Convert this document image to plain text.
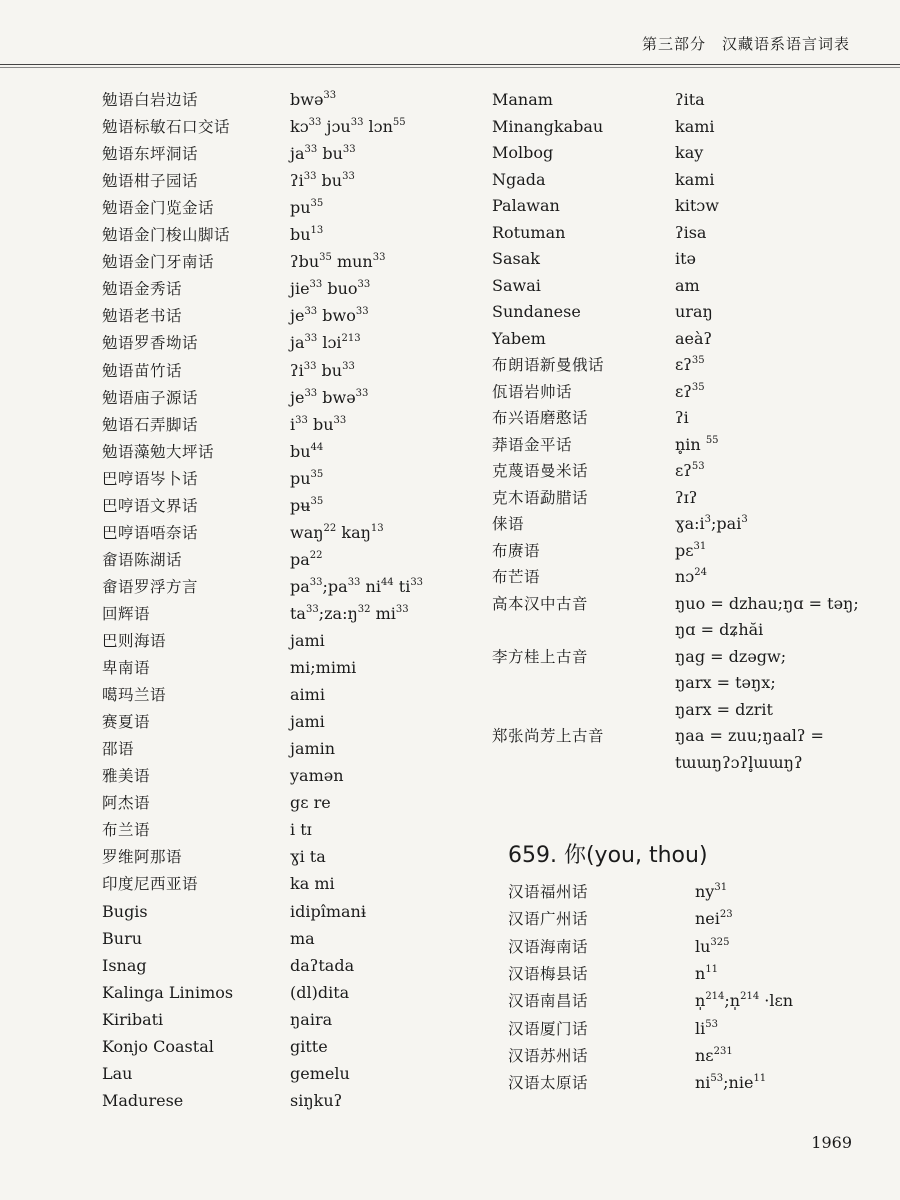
第三部分 汉藏语系语言词表
勉语白岩边话	bwə$^{33}$
勉语标敏石口交话	kɔ$^{33}$ jɔu$^{33}$ lɔn$^{55}$
勉语东坪洞话	$ja^{33}$ $bu^{33}$
勉语柑子园话	ʔi$^{33}$ $bu^{33}$
勉语金门览金话	$pu^{35}$
勉语金门梭山脚话	$bu^{13}$
勉语金门牙南话	ʔbu$^{35}$ mun$^{33}$
勉语金秀话	jie$^{33}$ buo$^{33}$
勉语老书话	$je^{33}$ bwo$^{33}$
勉语罗香坳话	$ja^{33}$ lɔi$^{213}$
勉语苗竹话	ʔi$^{33}$ $bu^{33}$
勉语庙子源话	$je^{33}$ bwə$^{33}$
勉语石弄脚话	$i^{33}$ $bu^{33}$
勉语藻勉大坪话	$bu^{44}$
巴哼语岑卜话	$pu^{35}$
巴哼语文界话	pʉ$^{35}$
巴哼语唔奈话	waŋ$^{22}$ kaŋ$^{13}$
畲语陈湖话	$pa^{22}$
畲语罗浮方言	$pa^{33};pa^{33}$ $ni^{44}$ $ti^{33}$
回辉语	$ta^{33};za:ŋ^{32}$ $mi^{33}$
巴则海语	jami
卑南语	mi;mimi
噶玛兰语	aimi
赛夏语	jami
邵语	jamin
雅美语	yamən
阿杰语	gɛ re
布兰语	i tɪ
罗维阿那语	ɣi ta
印度尼西亚语	ka mi
Bugis	idipîmanɨ
Buru	ma
Isnag	daʔtada
Kalinga Linimos	(dl)dita
Kiribati	ŋaira
Konjo Coastal	gitte
Lau	gemelu
Madurese	siŋkuʔ
Manam	ʔita
Minangkabau	kami
Molbog	kay
Ngada	kami
Palawan	kitɔw
Rotuman	ʔisa
Sasak	itə
Sawai	am
Sundanese	uraŋ
Yabem	aeàʔ
布朗语新曼俄话	ɛʔ$^{35}$
佤语岩帅话	ɛʔ$^{35}$
布兴语磨憨话	ʔi
莽语金平话	n̥in $^{55}$
克蔑语曼米话	ɛʔ$^{53}$
克木语勐腊话	ʔɪʔ
俫语	$ɣa:i^3;pai^3$
布赓语	pɛ$^{31}$
布芒语	nɔ$^{24}$
高本汉中古音	ŋuo = dzhau;ŋɑ = təŋ;
ŋɑ = dʑhăi
李方桂上古音	ŋag = dzəgw;
ŋarx = təŋx;
ŋarx = dzrit
郑张尚芳上古音	ŋaa = zuu;ŋaalʔ =
tɯɯŋʔɔʔl̥ɯɯŋʔ
659. 你(you, thou)
汉语福州话	$ny^{31}$
汉语广州话	nei$^{23}$
汉语海南话	$lu^{325}$
汉语梅县话	$n^{11}$
汉语南昌话	n̩$^{214}$;n̩$^{214}$ ·lɛn
汉语厦门话	$li^{53}$
汉语苏州话	nɛ$^{231}$
汉语太原话	$ni^{53};nie^{11}$
1969
